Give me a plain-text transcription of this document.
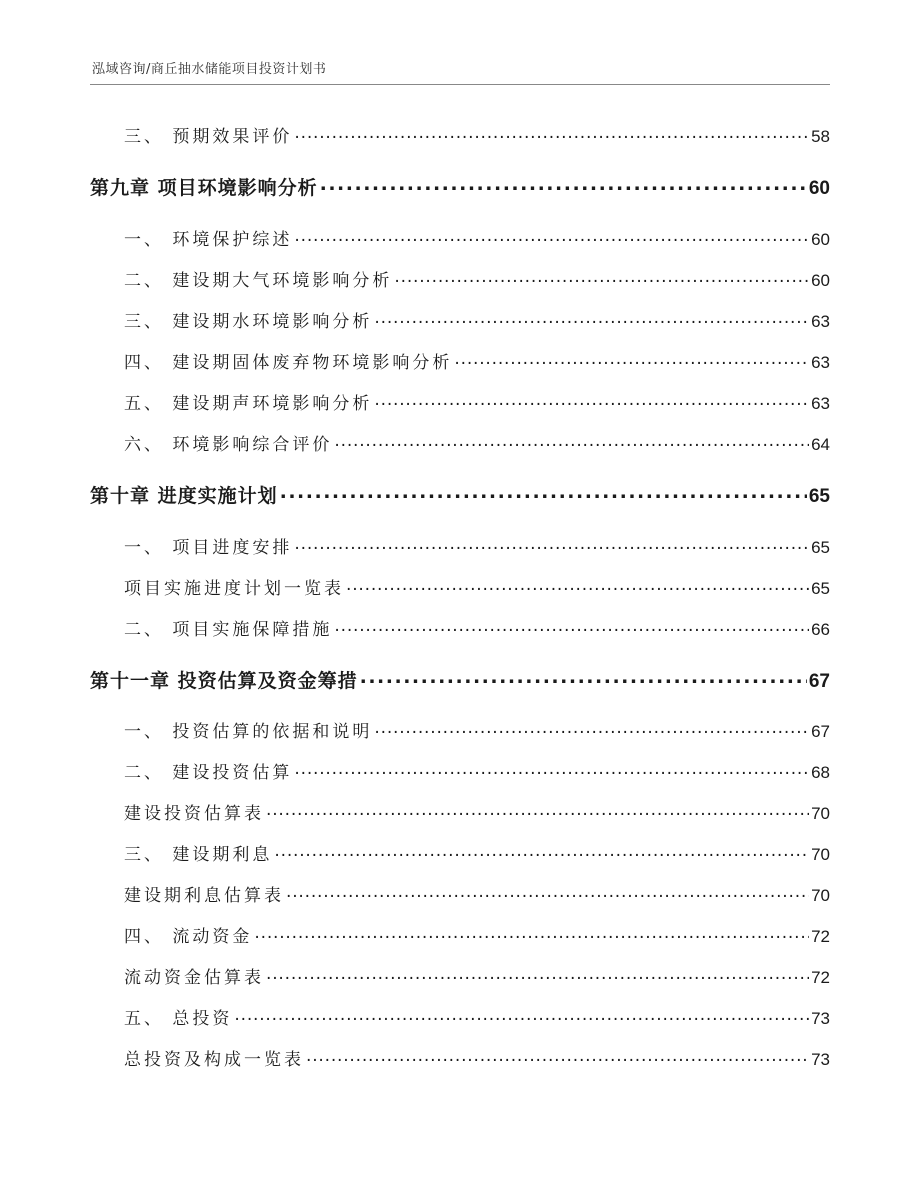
泓域咨询/商丘抽水储能项目投资计划书
三、 预期效果评价 .....	58
第九章 项目环境影响分析 .....	60
一、 环境保护综述 .....	60
二、 建设期大气环境影响分析 .....	60
三、 建设期水环境影响分析 .....	63
四、 建设期固体废弃物环境影响分析 .....	63
五、 建设期声环境影响分析 .....	63
六、 环境影响综合评价 .....	64
第十章 进度实施计划 .....	65
一、 项目进度安排 .....	65
项目实施进度计划一览表 .....	65
二、 项目实施保障措施 .....	66
第十一章 投资估算及资金筹措 .....	67
一、 投资估算的依据和说明 .....	67
二、 建设投资估算 .....	68
建设投资估算表 .....	70
三、 建设期利息 .....	70
建设期利息估算表 .....	70
四、 流动资金 .....	72
流动资金估算表 .....	72
五、 总投资 .....	73
总投资及构成一览表 .....	73
